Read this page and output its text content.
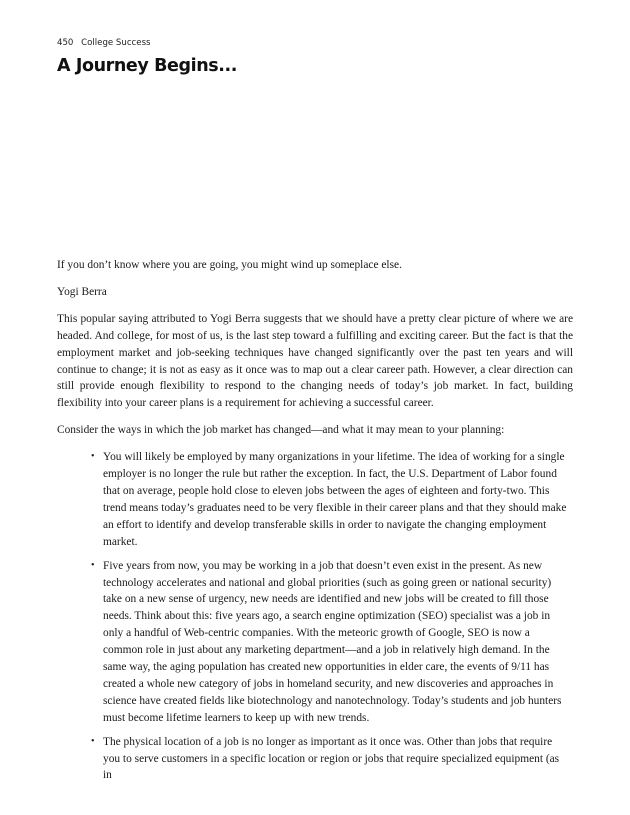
450 College Success
A Journey Begins...

If you don’t know where you are going, you might wind up someplace else.

Yogi Berra

This popular saying attributed to Yogi Berra suggests that we should have a pretty clear picture of where we are headed. And college, for most of us, is the last step toward a fulfilling and exciting career. But the fact is that the employment market and job-seeking techniques have changed significantly over the past ten years and will continue to change; it is not as easy as it once was to map out a clear career path. However, a clear direction can still provide enough flexibility to respond to the changing needs of today’s job market. In fact, building flexibility into your career plans is a requirement for achieving a successful career.

Consider the ways in which the job market has changed—and what it may mean to your planning:

• You will likely be employed by many organizations in your lifetime. The idea of working for a single employer is no longer the rule but rather the exception. In fact, the U.S. Department of Labor found that on average, people hold close to eleven jobs between the ages of eighteen and forty-two. This trend means today’s graduates need to be very flexible in their career plans and that they should make an effort to identify and develop transferable skills in order to navigate the changing employment market.
• Five years from now, you may be working in a job that doesn’t even exist in the present. As new technology accelerates and national and global priorities (such as going green or national security) take on a new sense of urgency, new needs are identified and new jobs will be created to fill those needs. Think about this: five years ago, a search engine optimization (SEO) specialist was a job in only a handful of Web-centric companies. With the meteoric growth of Google, SEO is now a common role in just about any marketing department—and a job in relatively high demand. In the same way, the aging population has created new opportunities in elder care, the events of 9/11 has created a whole new category of jobs in homeland security, and new discoveries and approaches in science have created fields like biotechnology and nanotechnology. Today’s students and job hunters must become lifetime learners to keep up with new trends.
• The physical location of a job is no longer as important as it once was. Other than jobs that require you to serve customers in a specific location or region or jobs that require specialized equipment (as in
